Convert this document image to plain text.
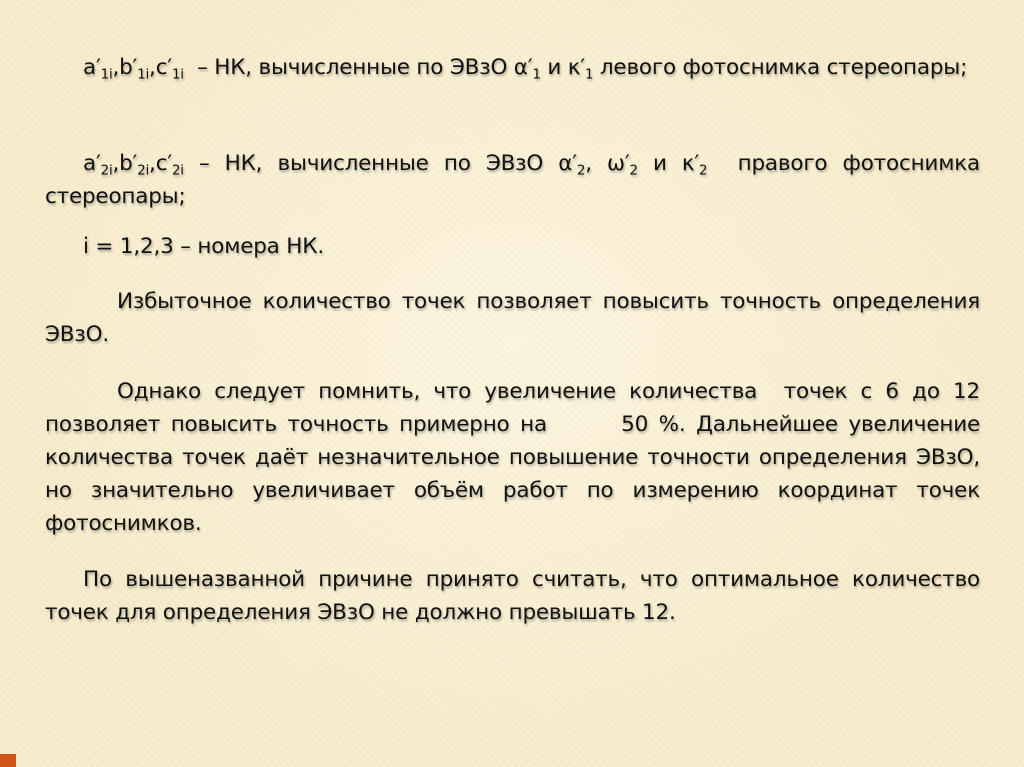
$a'_{1i},b'_{1i},c'_{1i}$  – НК, вычисленные по ЭВзО $\alpha'_1$ и $\kappa'_1$ левого фотоснимка стереопары;
$a'_{2i},b'_{2i},c'_{2i}$ – НК, вычисленные по ЭВзО $\alpha'_2$, $\omega'_2$ и $\kappa'_2$  правого фотоснимка стереопары;
i = 1,2,3 – номера НК.
Избыточное количество точек позволяет повысить точность определения ЭВзО.
Однако следует помнить, что увеличение количества  точек с 6 до 12 позволяет повысить точность примерно на       50 %. Дальнейшее увеличение количества точек даёт незначительное повышение точности определения ЭВзО, но значительно увеличивает объём работ по измерению координат точек  фотоснимков.
По вышеназванной причине принято считать, что оптимальное количество точек для определения ЭВзО не должно превышать 12.
